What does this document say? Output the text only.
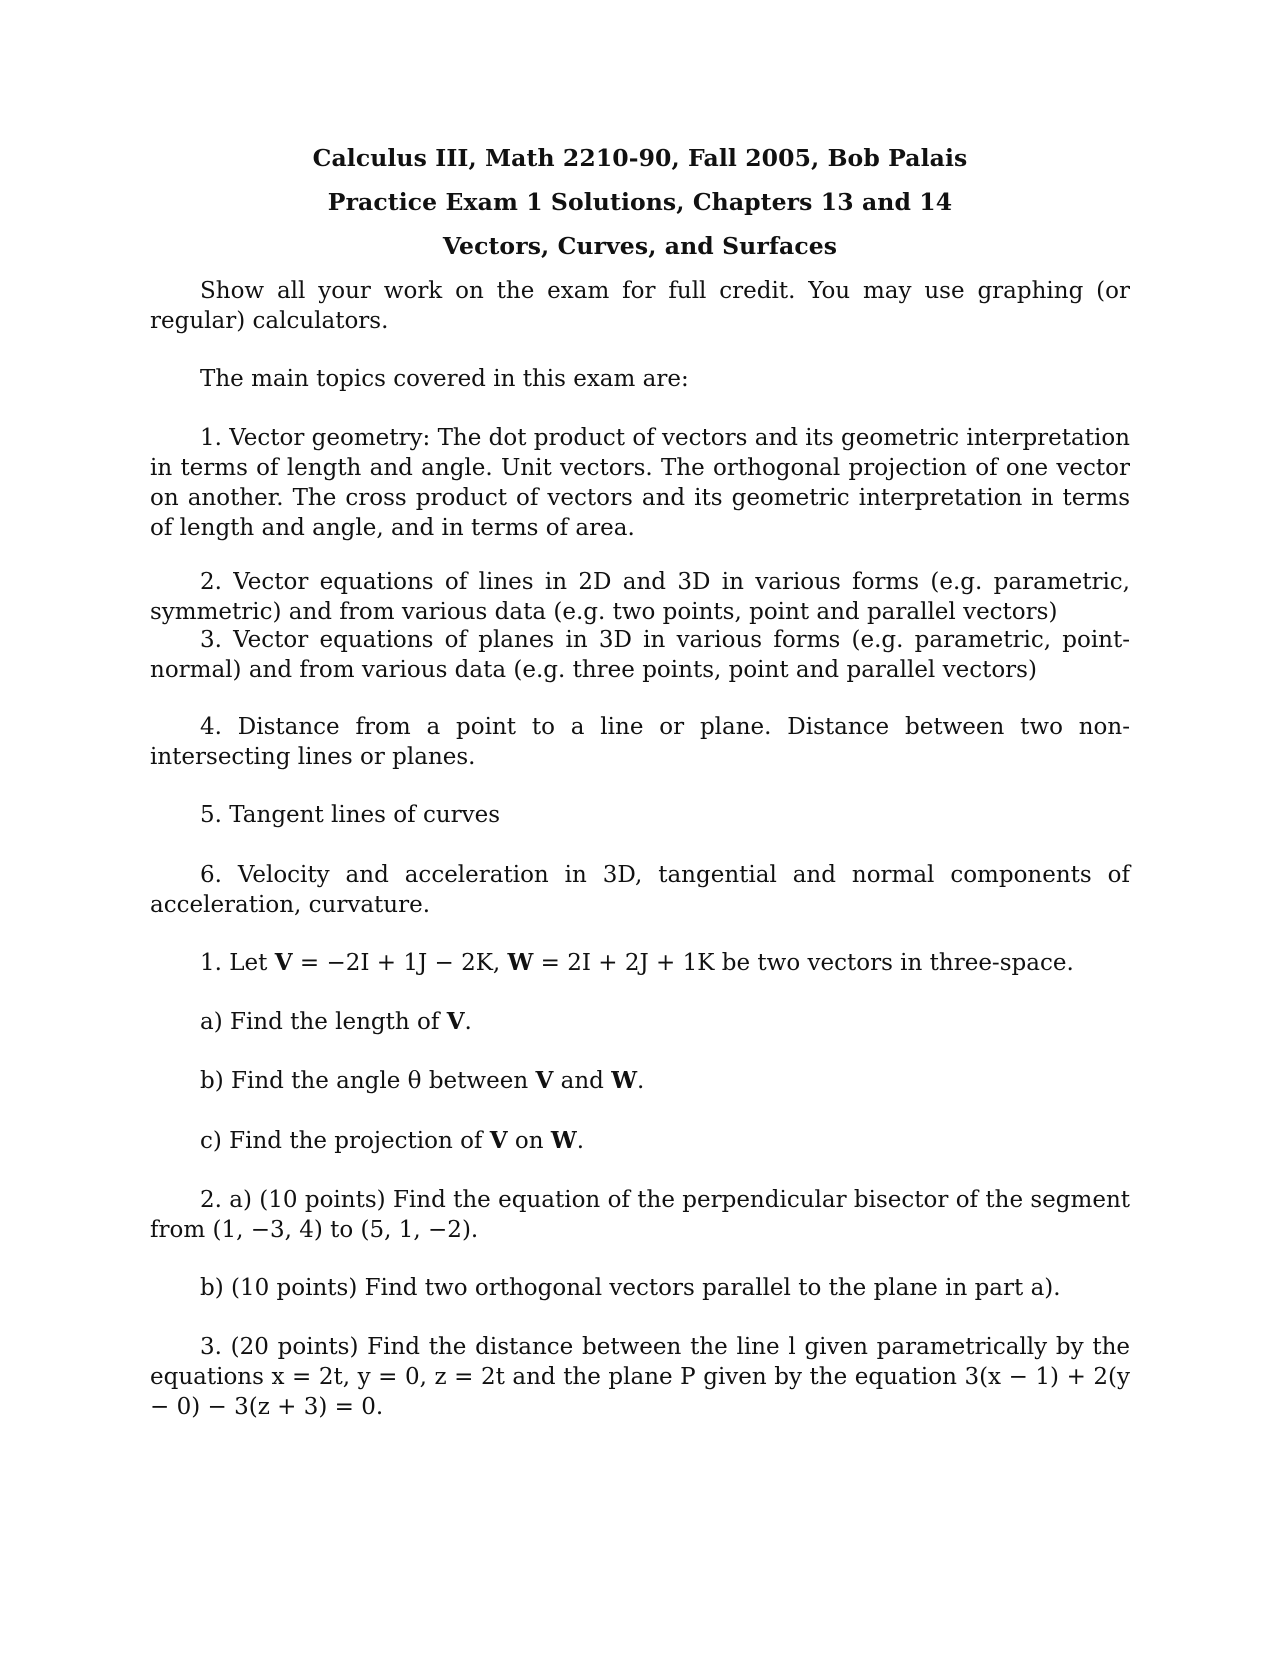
Calculus III, Math 2210-90, Fall 2005, Bob Palais
Practice Exam 1 Solutions, Chapters 13 and 14
Vectors, Curves, and Surfaces
Show all your work on the exam for full credit. You may use graphing (or regular) calculators.
The main topics covered in this exam are:
1. Vector geometry: The dot product of vectors and its geometric interpretation in terms of length and angle. Unit vectors. The orthogonal projection of one vector on another. The cross product of vectors and its geometric interpretation in terms of length and angle, and in terms of area.
2. Vector equations of lines in 2D and 3D in various forms (e.g. parametric, symmetric) and from various data (e.g. two points, point and parallel vectors)
3. Vector equations of planes in 3D in various forms (e.g. parametric, point-normal) and from various data (e.g. three points, point and parallel vectors)
4. Distance from a point to a line or plane. Distance between two non-intersecting lines or planes.
5. Tangent lines of curves
6. Velocity and acceleration in 3D, tangential and normal components of acceleration, curvature.
1. Let V = −2I + 1J − 2K, W = 2I + 2J + 1K be two vectors in three-space.
a) Find the length of V.
b) Find the angle θ between V and W.
c) Find the projection of V on W.
2. a) (10 points) Find the equation of the perpendicular bisector of the segment from (1, −3, 4) to (5, 1, −2).
b) (10 points) Find two orthogonal vectors parallel to the plane in part a).
3. (20 points) Find the distance between the line l given parametrically by the equations x = 2t, y = 0, z = 2t and the plane P given by the equation 3(x − 1) + 2(y − 0) − 3(z + 3) = 0.
